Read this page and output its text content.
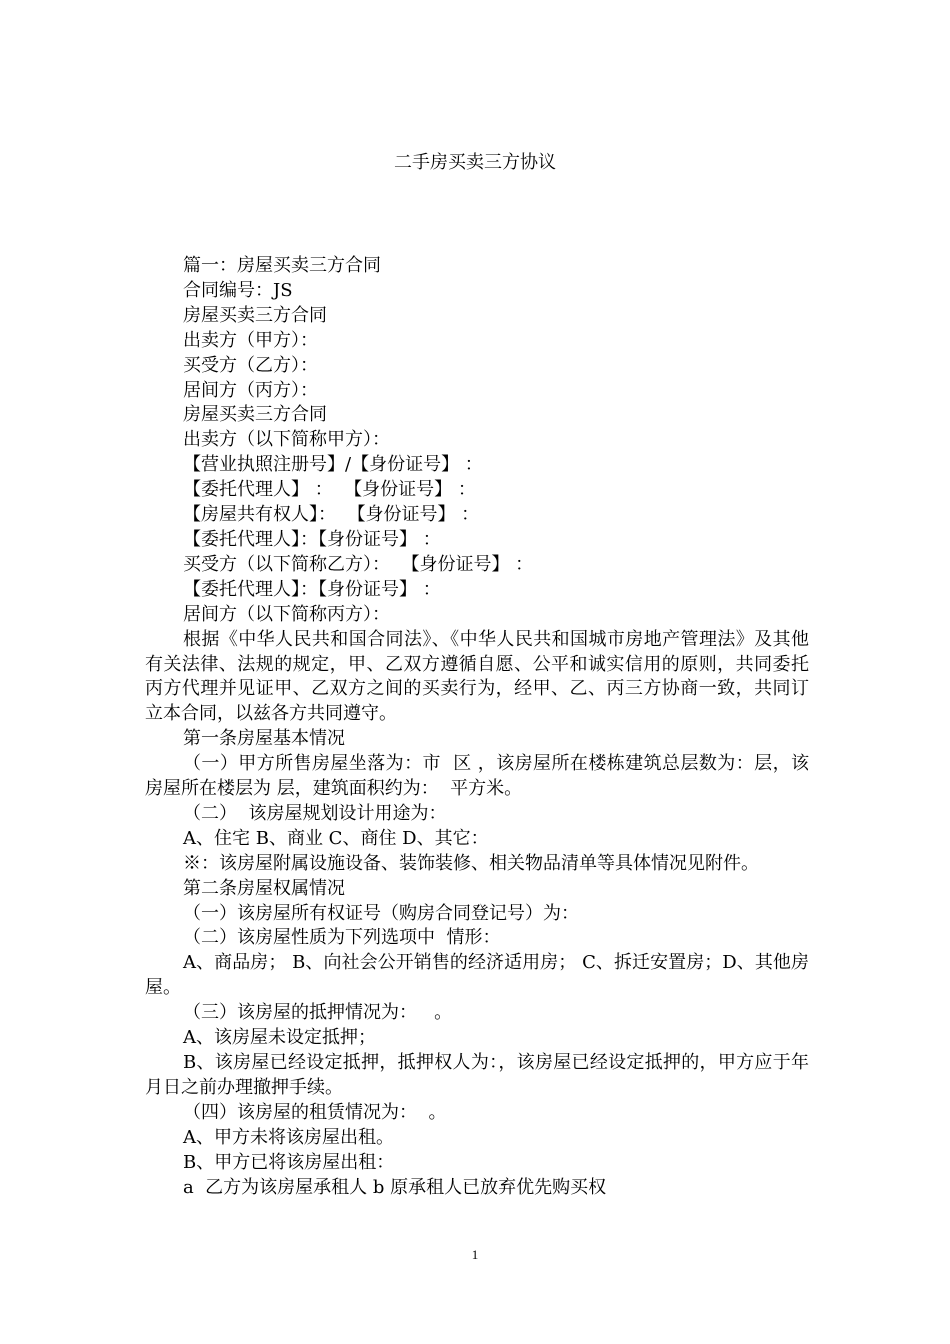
二手房买卖三方协议

篇一：房屋买卖三方合同

合同编号：JS

房屋买卖三方合同

出卖方（甲方）：

买受方（乙方）：

居间方（丙方）：

房屋买卖三方合同

出卖方（以下简称甲方）：

【营业执照注册号】/【身份证号】 ：

【委托代理人】 ：  【身份证号】 ：

【房屋共有权人】：  【身份证号】 ：

【委托代理人】：【身份证号】 ：

买受方（以下简称乙方）：  【身份证号】 ：

【委托代理人】：【身份证号】 ：

居间方（以下简称丙方）：

根据《中华人民共和国合同法》、《中华人民共和国城市房地产管理法》及其他有关法律、法规的规定，甲、乙双方遵循自愿、公平和诚实信用的原则，共同委托丙方代理并见证甲、乙双方之间的买卖行为，经甲、乙、丙三方协商一致，共同订立本合同，以兹各方共同遵守。

第一条房屋基本情况

（一）甲方所售房屋坐落为：市  区 ，该房屋所在楼栋建筑总层数为：层，该房屋所在楼层为 层，建筑面积约为：  平方米。

（二）  该房屋规划设计用途为：

A、住宅 B、商业 C、商住 D、其它：

※：该房屋附属设施设备、装饰装修、相关物品清单等具体情况见附件。

第二条房屋权属情况

（一）该房屋所有权证号（购房合同登记号）为：

（二）该房屋性质为下列选项中  情形：

A、商品房； B、向社会公开销售的经济适用房； C、拆迁安置房；D、其他房屋。

（三）该房屋的抵押情况为：   。

A、该房屋未设定抵押；

B、该房屋已经设定抵押，抵押权人为：，该房屋已经设定抵押的，甲方应于年月日之前办理撤押手续。

（四）该房屋的租赁情况为：  。

A、甲方未将该房屋出租。

B、甲方已将该房屋出租：

a  乙方为该房屋承租人 b 原承租人已放弃优先购买权

1
